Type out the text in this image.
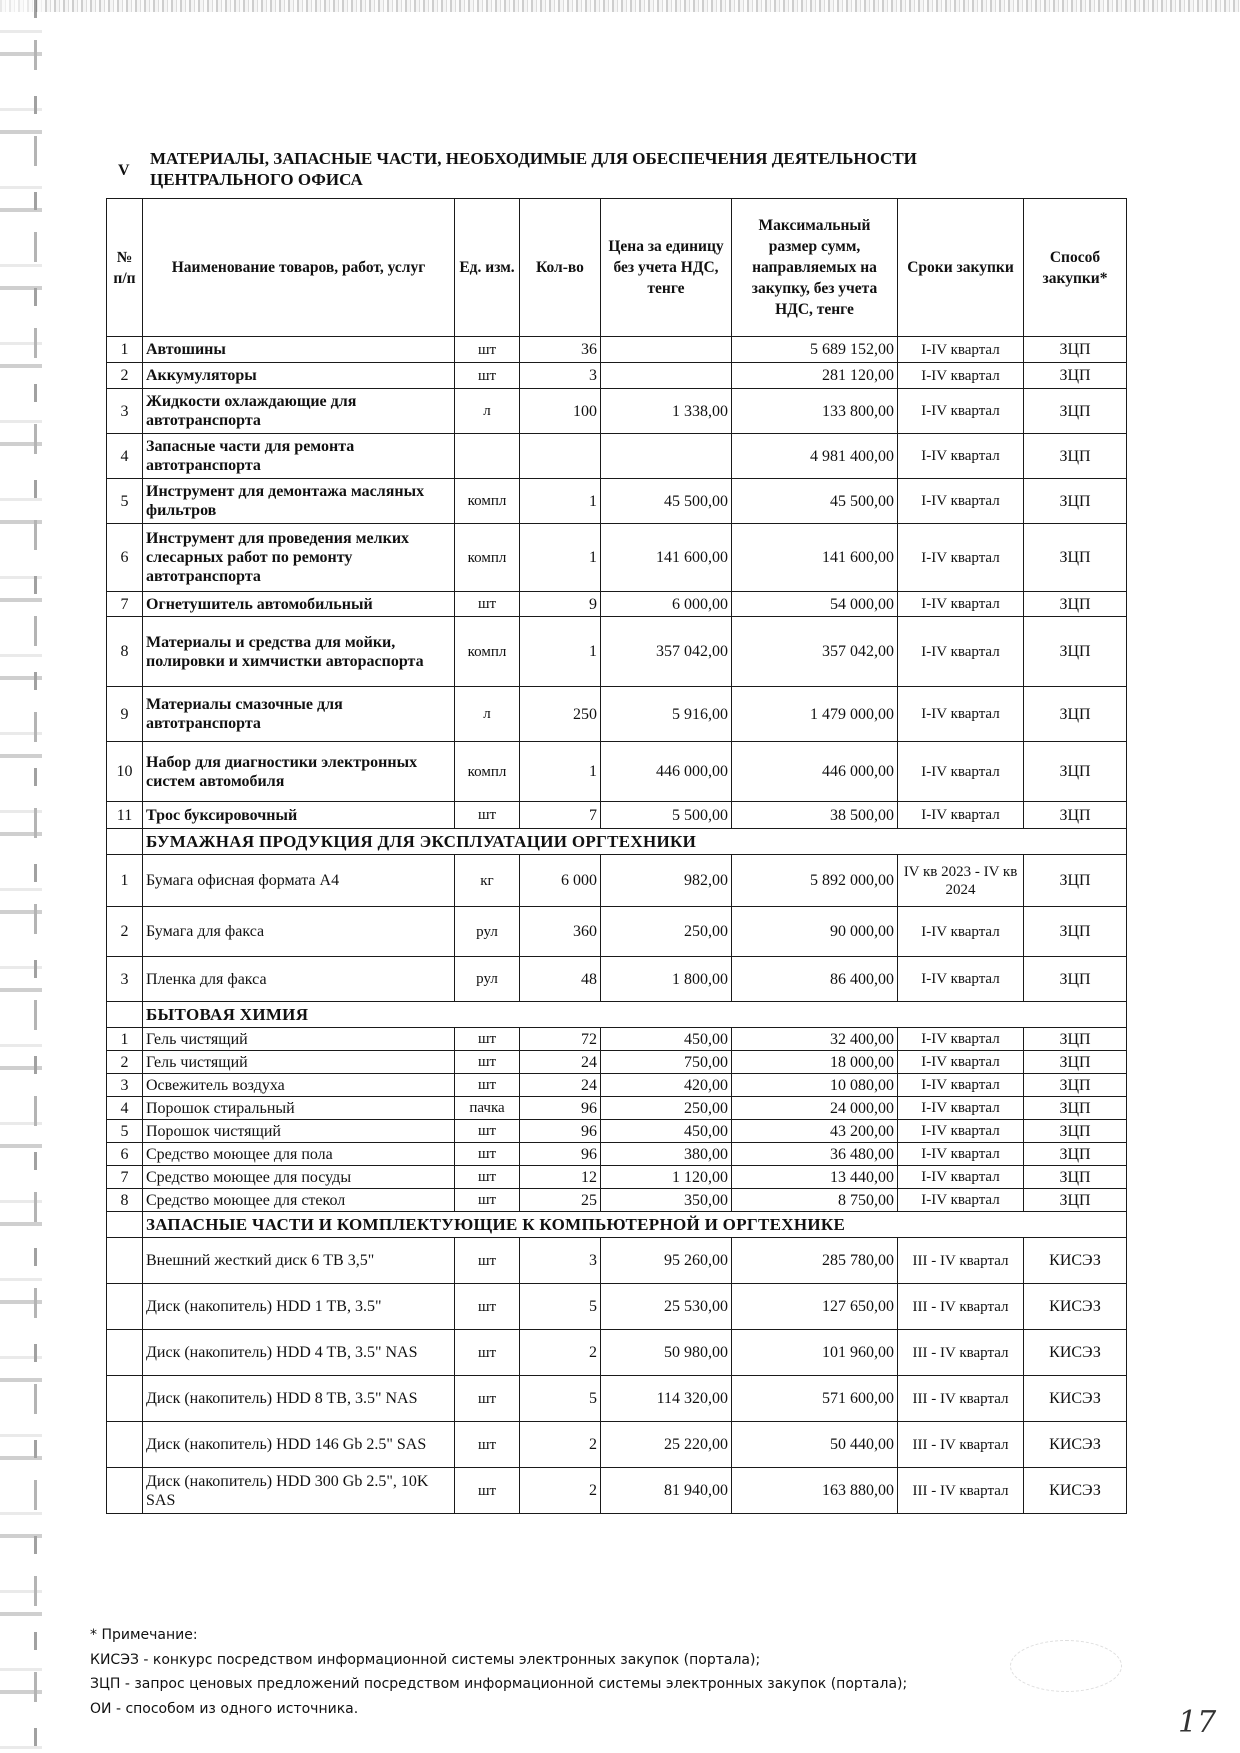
V
МАТЕРИАЛЫ, ЗАПАСНЫЕ ЧАСТИ, НЕОБХОДИМЫЕ ДЛЯ ОБЕСПЕЧЕНИЯ ДЕЯТЕЛЬНОСТИ ЦЕНТРАЛЬНОГО ОФИСА
№ п/п	Наименование товаров, работ, услуг	Ед. изм.	Кол-во	Цена за единицу без учета НДС, тенге	Максимальный размер сумм, направляемых на закупку, без учета НДС, тенге	Сроки закупки	Способ закупки*
1	Автошины	шт	36		5 689 152,00	I-IV квартал	ЗЦП
2	Аккумуляторы	шт	3		281 120,00	I-IV квартал	ЗЦП
3	Жидкости охлаждающие для автотранспорта	л	100	1 338,00	133 800,00	I-IV квартал	ЗЦП
4	Запасные части для ремонта автотранспорта				4 981 400,00	I-IV квартал	ЗЦП
5	Инструмент для демонтажа масляных фильтров	компл	1	45 500,00	45 500,00	I-IV квартал	ЗЦП
6	Инструмент для проведения мелких слесарных работ по ремонту автотранспорта	компл	1	141 600,00	141 600,00	I-IV квартал	ЗЦП
7	Огнетушитель автомобильный	шт	9	6 000,00	54 000,00	I-IV квартал	ЗЦП
8	Материалы и средства для мойки, полировки и химчистки автораспорта	компл	1	357 042,00	357 042,00	I-IV квартал	ЗЦП
9	Материалы смазочные для автотранспорта	л	250	5 916,00	1 479 000,00	I-IV квартал	ЗЦП
10	Набор для диагностики электронных систем автомобиля	компл	1	446 000,00	446 000,00	I-IV квартал	ЗЦП
11	Трос буксировочный	шт	7	5 500,00	38 500,00	I-IV квартал	ЗЦП
	БУМАЖНАЯ ПРОДУКЦИЯ ДЛЯ ЭКСПЛУАТАЦИИ ОРГТЕХНИКИ						
1	Бумага офисная формата А4	кг	6 000	982,00	5 892 000,00	IV кв 2023 - IV кв 2024	ЗЦП
2	Бумага для факса	рул	360	250,00	90 000,00	I-IV квартал	ЗЦП
3	Пленка для факса	рул	48	1 800,00	86 400,00	I-IV квартал	ЗЦП
	БЫТОВАЯ ХИМИЯ						
1	Гель чистящий	шт	72	450,00	32 400,00	I-IV квартал	ЗЦП
2	Гель чистящий	шт	24	750,00	18 000,00	I-IV квартал	ЗЦП
3	Освежитель воздуха	шт	24	420,00	10 080,00	I-IV квартал	ЗЦП
4	Порошок стиральный	пачка	96	250,00	24 000,00	I-IV квартал	ЗЦП
5	Порошок чистящий	шт	96	450,00	43 200,00	I-IV квартал	ЗЦП
6	Средство моющее для пола	шт	96	380,00	36 480,00	I-IV квартал	ЗЦП
7	Средство моющее для посуды	шт	12	1 120,00	13 440,00	I-IV квартал	ЗЦП
8	Средство моющее для стекол	шт	25	350,00	8 750,00	I-IV квартал	ЗЦП
	ЗАПАСНЫЕ ЧАСТИ И КОМПЛЕКТУЮЩИЕ К КОМПЬЮТЕРНОЙ И ОРГТЕХНИКЕ						
	Внешний жесткий диск 6 ТВ 3,5"	шт	3	95 260,00	285 780,00	III - IV квартал	КИСЭЗ
	Диск (накопитель) HDD 1 TB, 3.5"	шт	5	25 530,00	127 650,00	III - IV квартал	КИСЭЗ
	Диск (накопитель) HDD 4 TB, 3.5" NAS	шт	2	50 980,00	101 960,00	III - IV квартал	КИСЭЗ
	Диск (накопитель) HDD 8 TB, 3.5" NAS	шт	5	114 320,00	571 600,00	III - IV квартал	КИСЭЗ
	Диск (накопитель) HDD 146 Gb 2.5" SAS	шт	2	25 220,00	50 440,00	III - IV квартал	КИСЭЗ
	Диск (накопитель) HDD 300 Gb 2.5", 10K SAS	шт	2	81 940,00	163 880,00	III - IV квартал	КИСЭЗ
* Примечание:
КИСЭЗ - конкурс посредством информационной системы электронных закупок (портала);
ЗЦП - запрос ценовых предложений посредством информационной системы электронных закупок (портала);
ОИ - способом из одного источника.	17
